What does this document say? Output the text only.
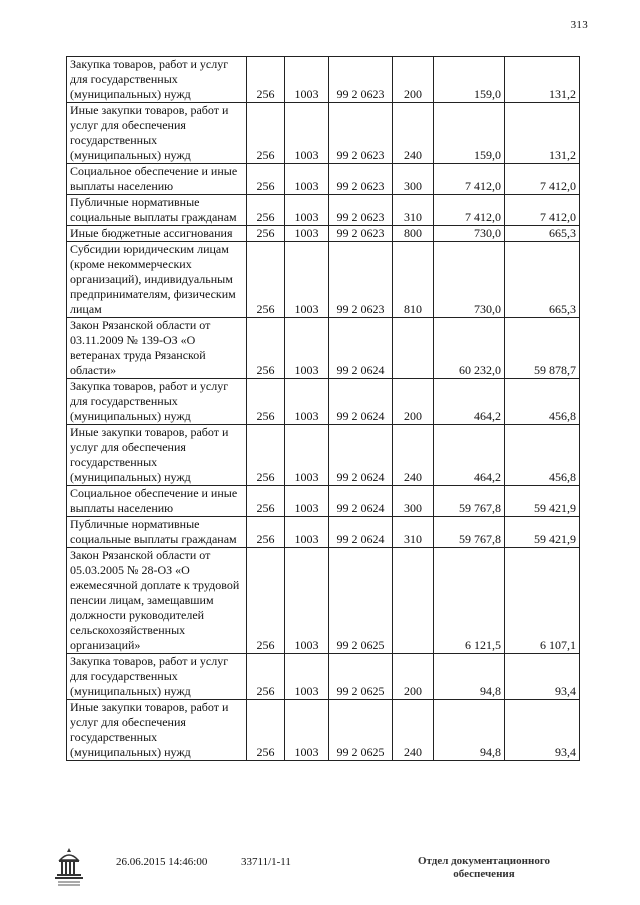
313
Закупка товаров, работ и услуг для государственных (муниципальных) нужд	256	1003	99 2 0623	200	159,0	131,2
Иные закупки товаров, работ и услуг для обеспечения государственных (муниципальных) нужд	256	1003	99 2 0623	240	159,0	131,2
Социальное обеспечение и иные выплаты населению	256	1003	99 2 0623	300	7 412,0	7 412,0
Публичные нормативные социальные выплаты гражданам	256	1003	99 2 0623	310	7 412,0	7 412,0
Иные бюджетные ассигнования	256	1003	99 2 0623	800	730,0	665,3
Субсидии юридическим лицам (кроме некоммерческих организаций), индивидуальным предпринимателям, физическим лицам	256	1003	99 2 0623	810	730,0	665,3
Закон Рязанской области от 03.11.2009 № 139-ОЗ «О ветеранах труда Рязанской области»	256	1003	99 2 0624		60 232,0	59 878,7
Закупка товаров, работ и услуг для государственных (муниципальных) нужд	256	1003	99 2 0624	200	464,2	456,8
Иные закупки товаров, работ и услуг для обеспечения государственных (муниципальных) нужд	256	1003	99 2 0624	240	464,2	456,8
Социальное обеспечение и иные выплаты населению	256	1003	99 2 0624	300	59 767,8	59 421,9
Публичные нормативные социальные выплаты гражданам	256	1003	99 2 0624	310	59 767,8	59 421,9
Закон Рязанской области от 05.03.2005 № 28-ОЗ «О ежемесячной доплате к трудовой пенсии лицам, замещавшим должности руководителей сельскохозяйственных организаций»	256	1003	99 2 0625		6 121,5	6 107,1
Закупка товаров, работ и услуг для государственных (муниципальных) нужд	256	1003	99 2 0625	200	94,8	93,4
Иные закупки товаров, работ и услуг для обеспечения государственных (муниципальных) нужд	256	1003	99 2 0625	240	94,8	93,4
26.06.2015 14:46:00	33711/1-11	Отдел документационного обеспечения
